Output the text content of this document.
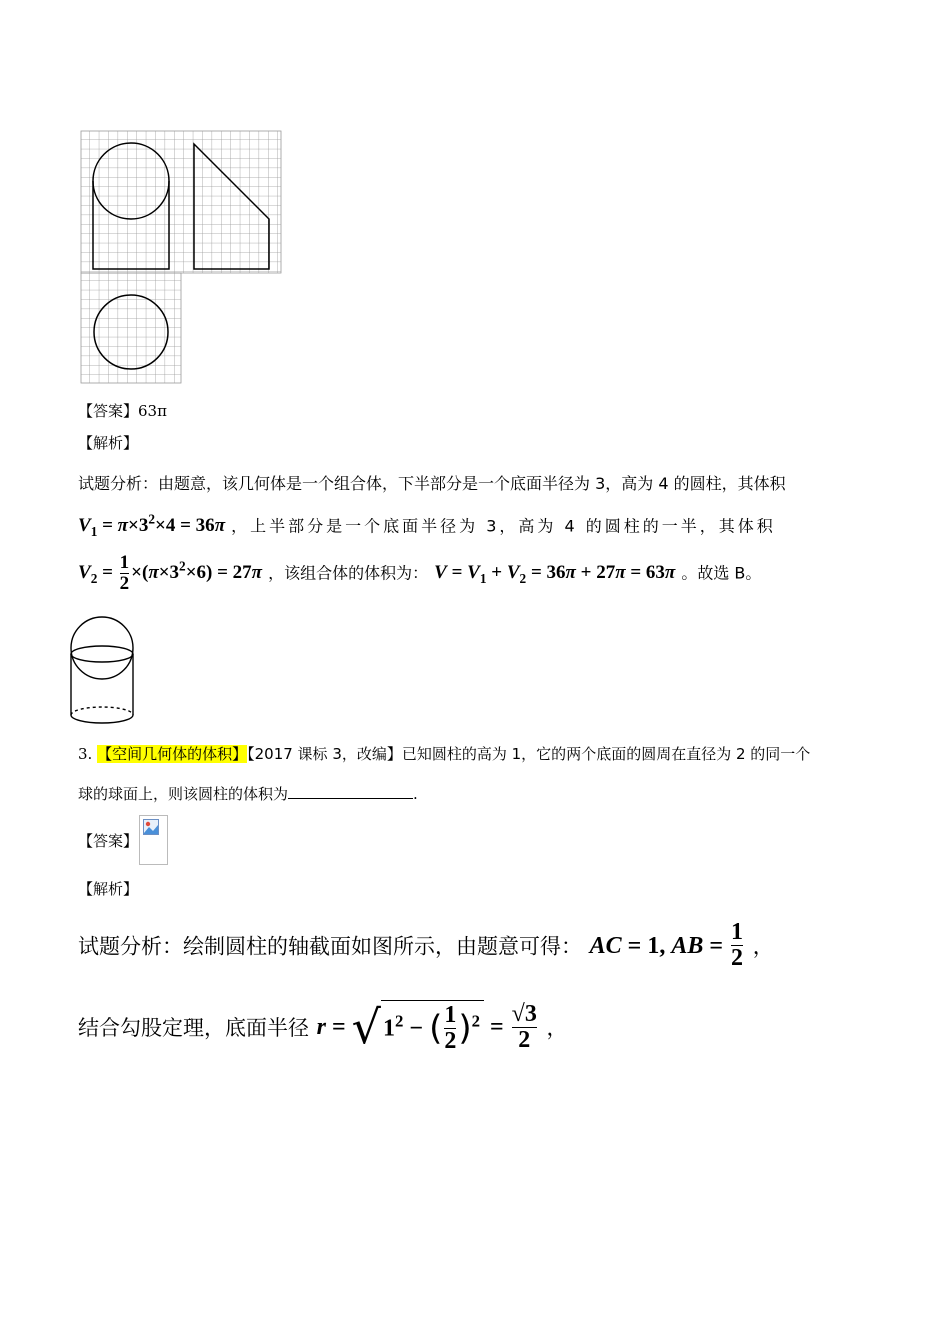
【答案】63π
【解析】
试题分析：由题意，该几何体是一个组合体，下半部分是一个底面半径为 3，高为 4 的圆柱，其体积
$V_1 = \pi\times 3^2\times 4 = 36\pi$ ，上半部分是一个底面半径为 3，高为 4 的圆柱的一半，其体积
$V_2 = \frac{1}{2} \times(\pi\times 3^2\times 6) = 27\pi$ ，该组合体的体积为： $V = V_1 + V_2 = 36\pi + 27\pi = 63\pi$ 。故选 B。
3. 【空间几何体的体积】【2017 课标 3，改编】已知圆柱的高为 1，它的两个底面的圆周在直径为 2 的同一个
球的球面上，则该圆柱的体积为	.
【答案】
【解析】
试题分析：绘制圆柱的轴截面如图所示，由题意可得： AC = 1, AB = $\frac{1}{2}$ ，
结合勾股定理，底面半径 $r = √1^2$ − ( $\frac{1}{2} )^2 = \frac{√3}{2}$ ，
